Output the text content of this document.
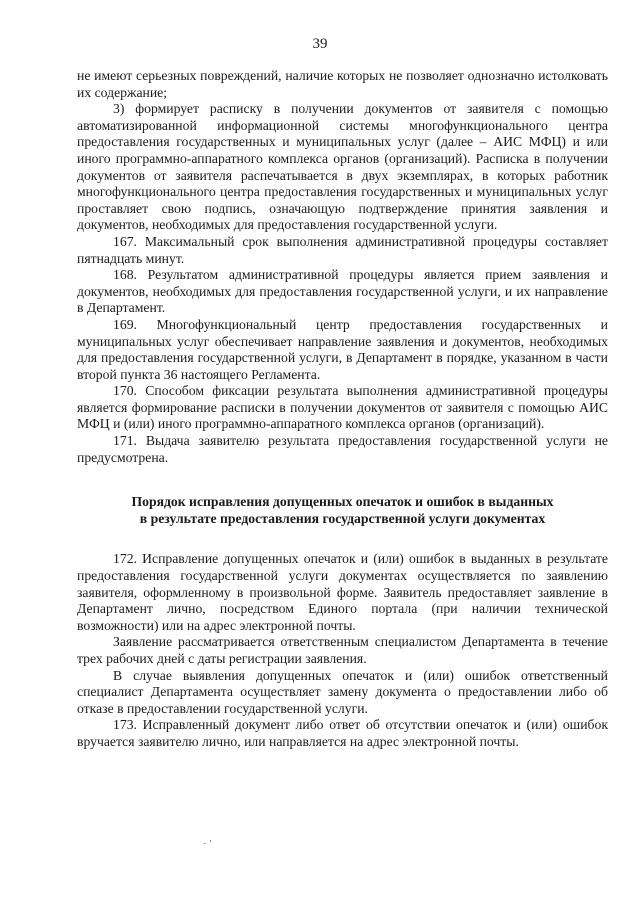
39

не имеют серьезных повреждений, наличие которых не позволяет однозначно истолковать их содержание;

3) формирует расписку в получении документов от заявителя с помощью автоматизированной информационной системы многофункционального центра предоставления государственных и муниципальных услуг (далее – АИС МФЦ) и или иного программно-аппаратного комплекса органов (организаций). Расписка в получении документов от заявителя распечатывается в двух экземплярах, в которых работник многофункционального центра предоставления государственных и муниципальных услуг проставляет свою подпись, означающую подтверждение принятия заявления и документов, необходимых для предоставления государственной услуги.

167. Максимальный срок выполнения административной процедуры составляет пятнадцать минут.

168. Результатом административной процедуры является прием заявления и документов, необходимых для предоставления государственной услуги, и их направление в Департамент.

169. Многофункциональный центр предоставления государственных и муниципальных услуг обеспечивает направление заявления и документов, необходимых для предоставления государственной услуги, в Департамент в порядке, указанном в части второй пункта 36 настоящего Регламента.

170. Способом фиксации результата выполнения административной процедуры является формирование расписки в получении документов от заявителя с помощью АИС МФЦ и (или) иного программно-аппаратного комплекса органов (организаций).

171. Выдача заявителю результата предоставления государственной услуги не предусмотрена.

Порядок исправления допущенных опечаток и ошибок в выданных
в результате предоставления государственной услуги документах

172. Исправление допущенных опечаток и (или) ошибок в выданных в результате предоставления государственной услуги документах осуществляется по заявлению заявителя, оформленному в произвольной форме. Заявитель предоставляет заявление в Департамент лично, посредством Единого портала (при наличии технической возможности) или на адрес электронной почты.

Заявление рассматривается ответственным специалистом Департамента в течение трех рабочих дней с даты регистрации заявления.

В случае выявления допущенных опечаток и (или) ошибок ответственный специалист Департамента осуществляет замену документа о предоставлении либо об отказе в предоставлении государственной услуги.

173. Исправленный документ либо ответ об отсутствии опечаток и (или) ошибок вручается заявителю лично, или направляется на адрес электронной почты.

· ′
